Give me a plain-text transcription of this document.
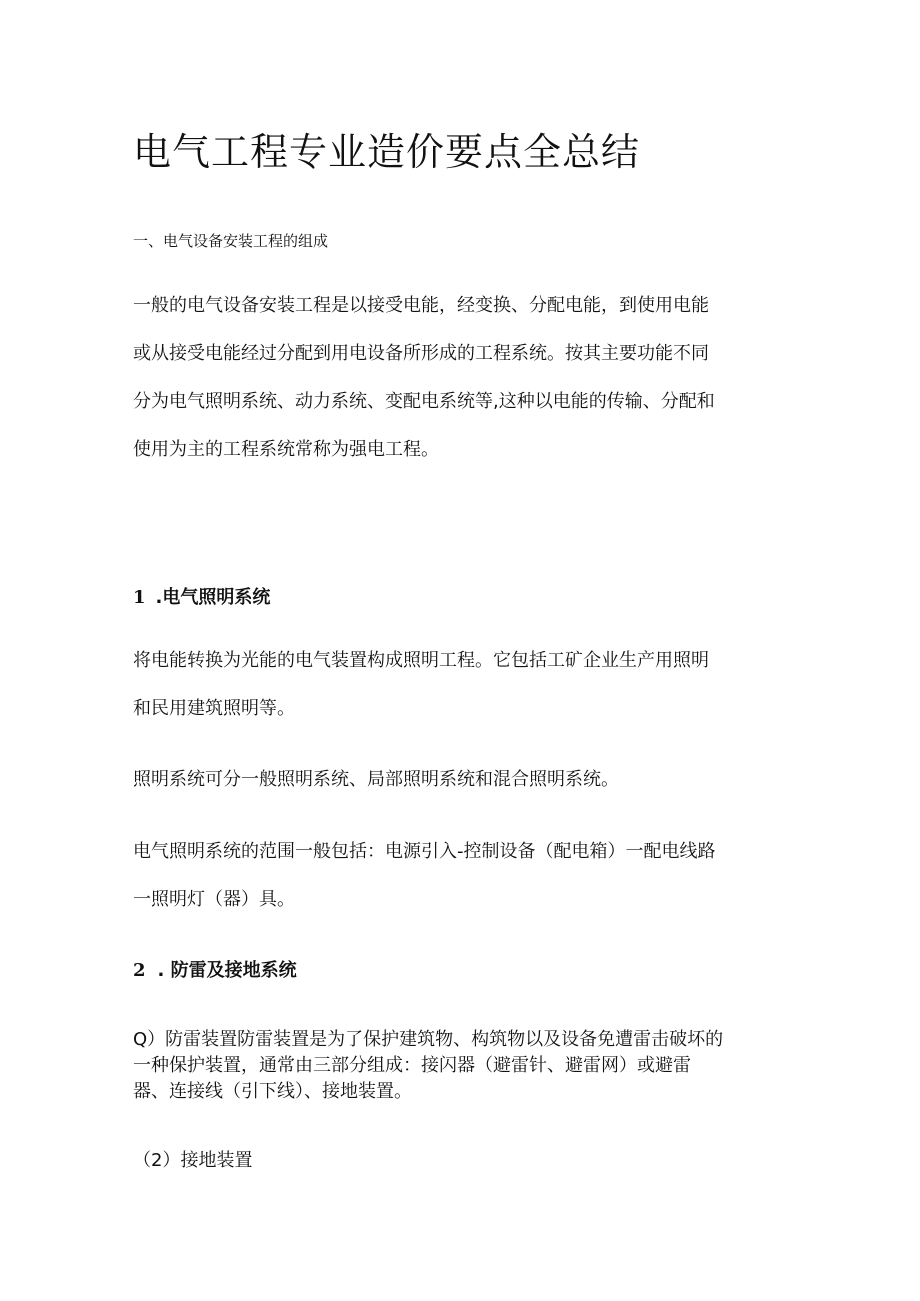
电气工程专业造价要点全总结

一、电气设备安装工程的组成

一般的电气设备安装工程是以接受电能，经变换、分配电能，到使用电能
或从接受电能经过分配到用电设备所形成的工程系统。按其主要功能不同
分为电气照明系统、动力系统、变配电系统等,这种以电能的传输、分配和
使用为主的工程系统常称为强电工程。

1 .电气照明系统

将电能转换为光能的电气装置构成照明工程。它包括工矿企业生产用照明
和民用建筑照明等。

照明系统可分一般照明系统、局部照明系统和混合照明系统。

电气照明系统的范围一般包括：电源引入-控制设备（配电箱）一配电线路
一照明灯（器）具。

2 . 防雷及接地系统

Q）防雷装置防雷装置是为了保护建筑物、构筑物以及设备免遭雷击破坏的
一种保护装置，通常由三部分组成：接闪器（避雷针、避雷网）或避雷
器、连接线（引下线）、接地装置。

（2）接地装置
